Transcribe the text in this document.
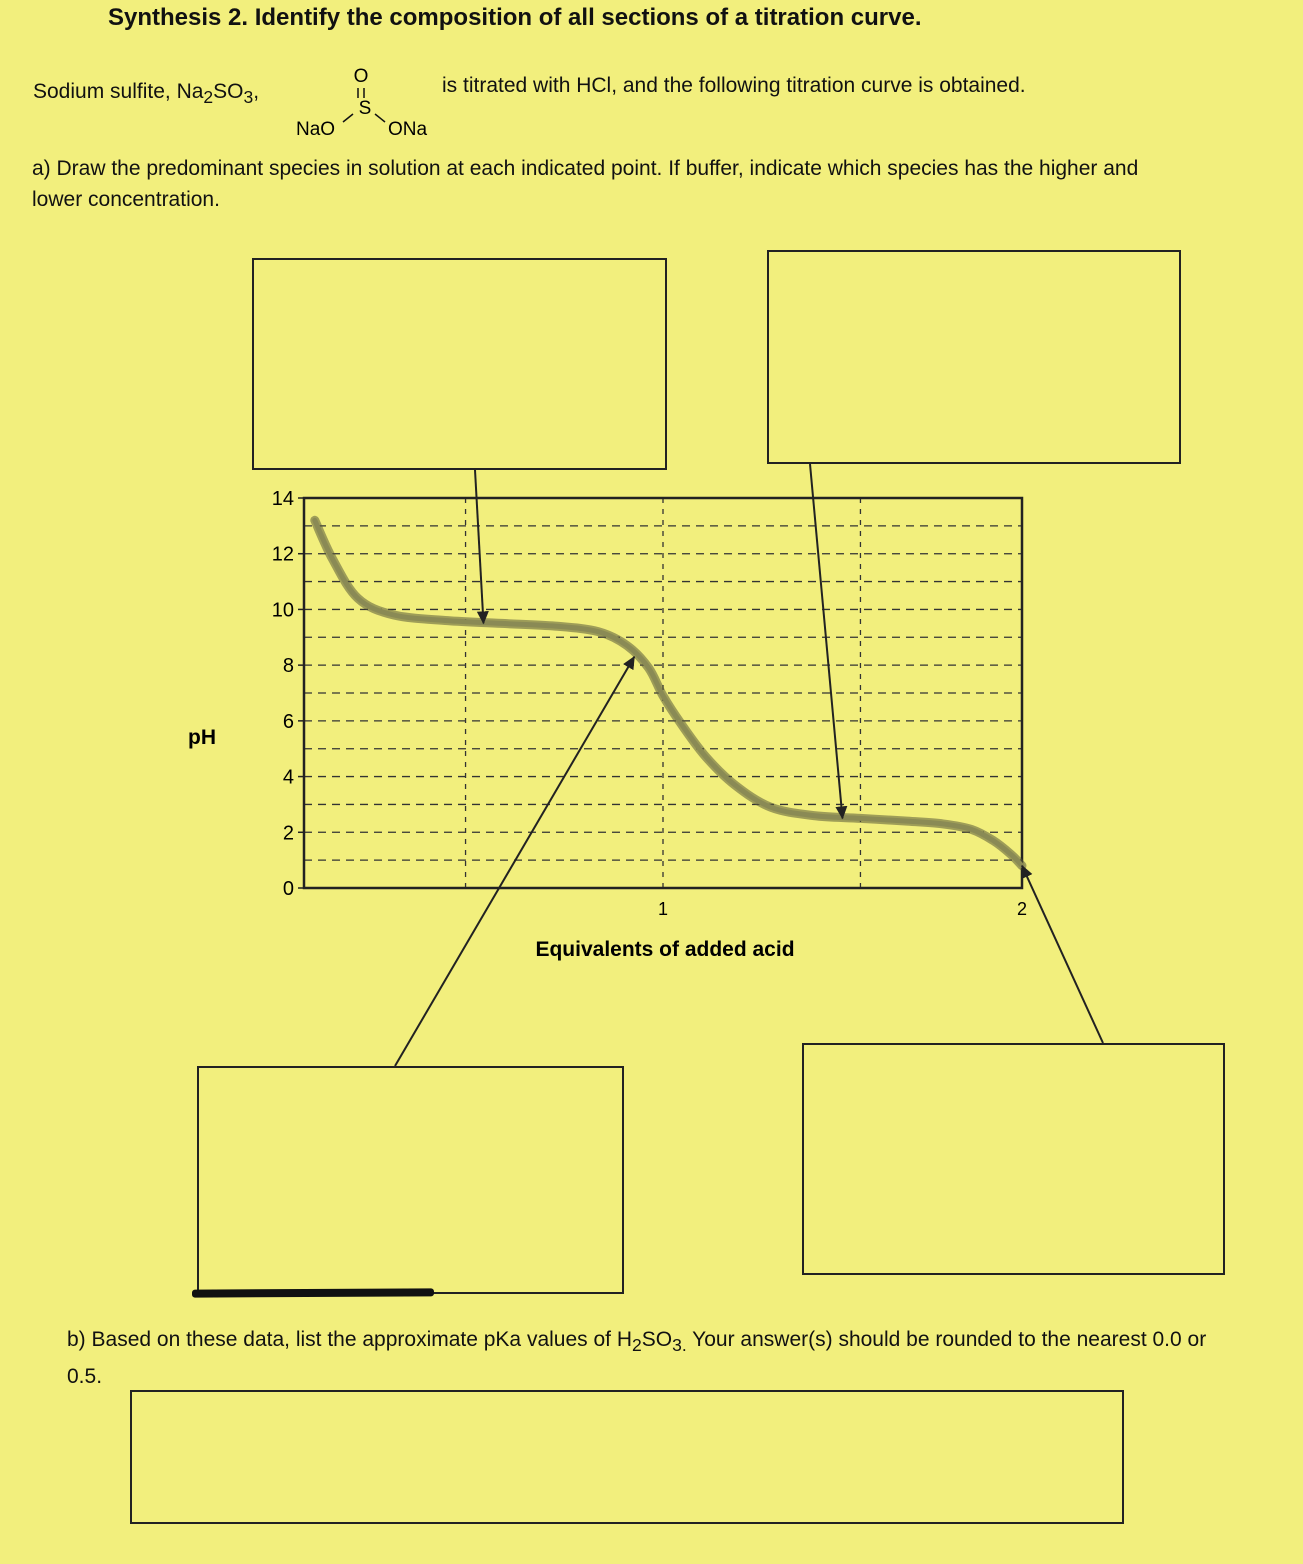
Synthesis 2. Identify the composition of all sections of a titration curve.
Sodium sulfite, $Na_2SO_3$,
O
S
NaO	ONa
is titrated with HCl, and the following titration curve is obtained.
a) Draw the predominant species in solution at each indicated point. If buffer, indicate which species has the higher and lower concentration.
0
2
4
6
8
10
12
14
1	2
pH
Equivalents of added acid
b) Based on these data, list the approximate pKa values of $H_2SO_{3.}$ Your answer(s) should be rounded to the nearest 0.0 or 0.5.
